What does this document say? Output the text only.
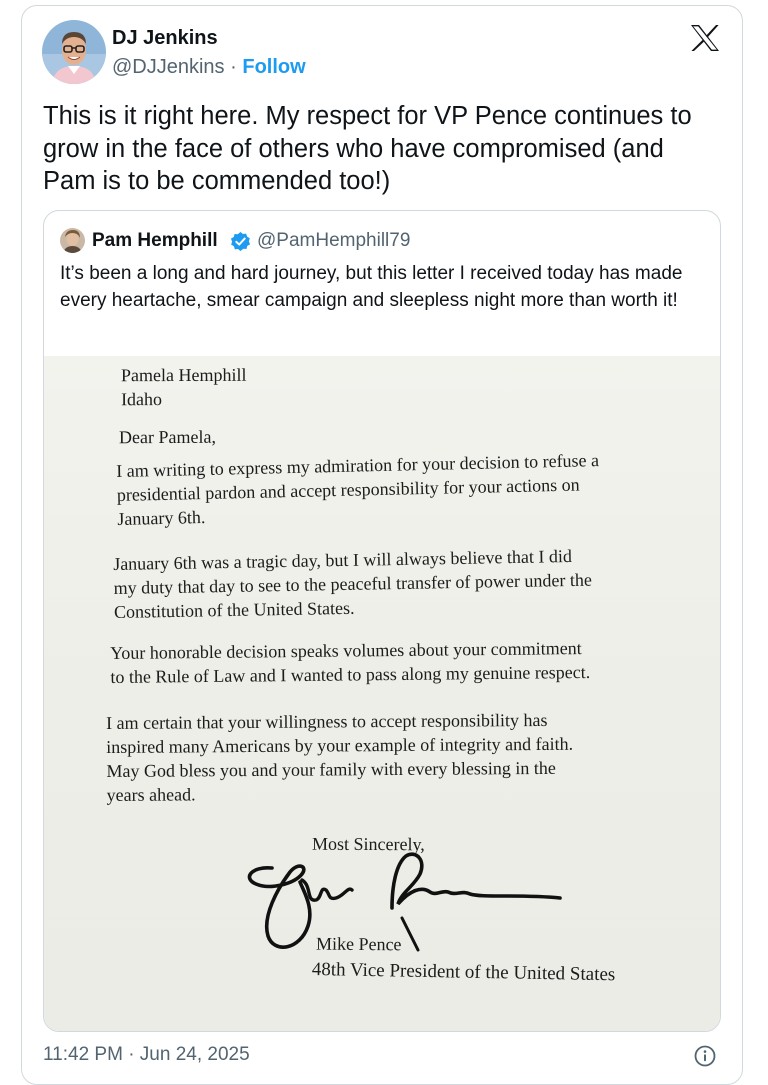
DJ Jenkins
@DJJenkins · Follow
This is it right here. My respect for VP Pence continues to grow in the face of others who have compromised (and Pam is to be commended too!)
Pam Hemphill @PamHemphill79
It’s been a long and hard journey, but this letter I received today has made every heartache, smear campaign and sleepless night more than worth it!
Pamela Hemphill
Idaho
Dear Pamela,
I am writing to express my admiration for your decision to refuse a
presidential pardon and accept responsibility for your actions on
January 6th.
January 6th was a tragic day, but I will always believe that I did
my duty that day to see to the peaceful transfer of power under the
Constitution of the United States.
Your honorable decision speaks volumes about your commitment
to the Rule of Law and I wanted to pass along my genuine respect.
I am certain that your willingness to accept responsibility has
inspired many Americans by your example of integrity and faith.
May God bless you and your family with every blessing in the
years ahead.
Most Sincerely,
Mike Pence
48th Vice President of the United States
11:42 PM · Jun 24, 2025
